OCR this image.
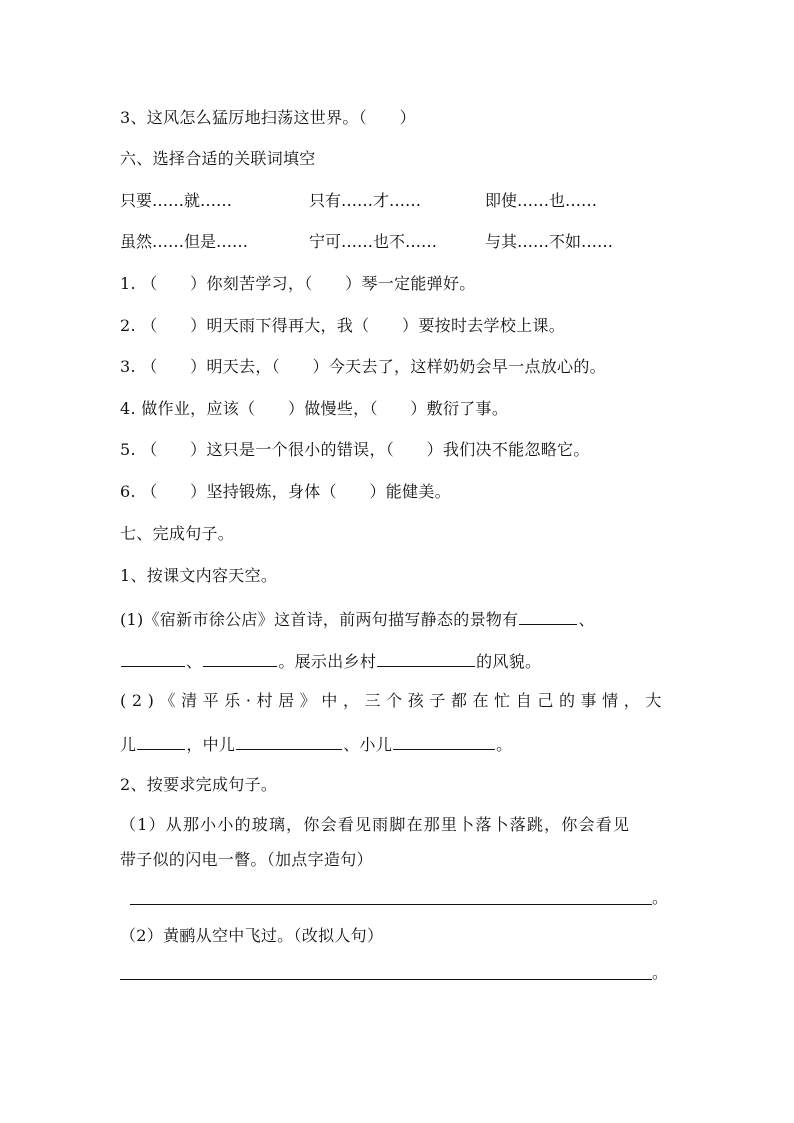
3、这风怎么猛厉地扫荡这世界。（　　）
六、选择合适的关联词填空
只要……就……	只有……才……	即使……也……
虽然……但是……	宁可……也不……	与其……不如……
1. （　　）你刻苦学习，（　　）琴一定能弹好。
2. （　　）明天雨下得再大，我（　　）要按时去学校上课。
3. （　　）明天去，（　　）今天去了，这样奶奶会早一点放心的。
4. 做作业，应该（　　）做慢些，（　　）敷衍了事。
5. （　　）这只是一个很小的错误，（　　）我们决不能忽略它。
6. （　　）坚持锻炼，身体（　　）能健美。
七、完成句子。
1、按课文内容天空。
(1)《宿新市徐公店》这首诗，前两句描写静态的景物有	、
、	。展示出乡村	的风貌。
(2)《清平乐·村居》中，三个孩子都在忙自己的事情，大
儿	，中儿	、小儿	。
2、按要求完成句子。
（1）从那小小的玻璃，你会看见雨脚在那里卜落卜落跳，你会看见
带子似的闪电一瞥。（加点字造句）
。
（2）黄鹂从空中飞过。（改拟人句）
。
